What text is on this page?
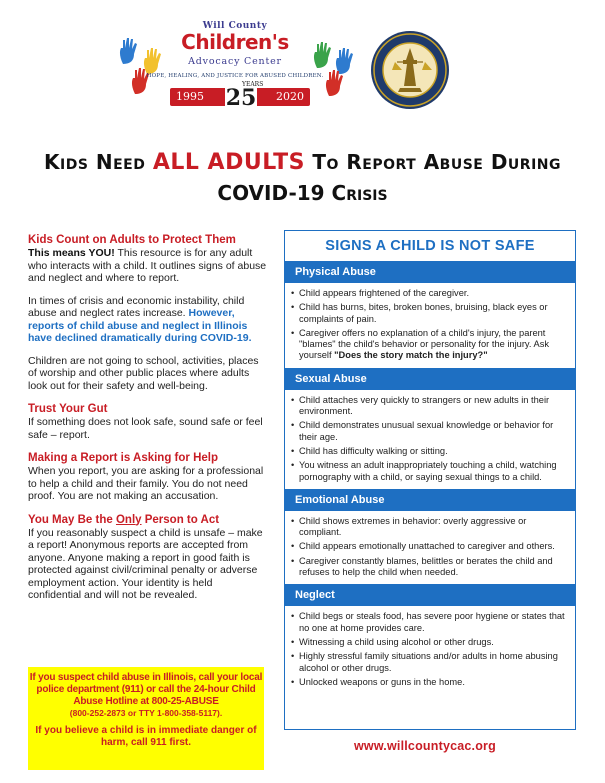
Will County
Children's
Advocacy Center
HOPE, HEALING, AND JUSTICE FOR ABUSED CHILDREN.
1995	2020
25
YEARS
Kids Need ALL ADULTS To Report Abuse During
COVID-19 Crisis
Kids Count on Adults to Protect Them

This means YOU! This resource is for any adult who interacts with a child. It outlines signs of abuse and neglect and where to report.

In times of crisis and economic instability, child abuse and neglect rates increase. However, reports of child abuse and neglect in Illinois have declined dramatically during COVID-19.

Children are not going to school, activities, places of worship and other public places where adults look out for their safety and well-being.

Trust Your Gut

If something does not look safe, sound safe or feel safe – report.

Making a Report is Asking for Help

When you report, you are asking for a professional to help a child and their family. You do not need proof. You are not making an accusation.

You May Be the Only Person to Act

If you reasonably suspect a child is unsafe – make a report! Anonymous reports are accepted from anyone. Anyone making a report in good faith is protected against civil/criminal penalty or adverse employment action. Your identity is held confidential and will not be revealed.

If you suspect child abuse in Illinois, call your local police department (911) or call the 24-hour Child Abuse Hotline at 800-25-ABUSE
(800-252-2873 or TTY 1-800-358-5117).
If you believe a child is in immediate danger of harm, call 911 first.
SIGNS A CHILD IS NOT SAFE
Physical Abuse
• Child appears frightened of the caregiver.
• Child has burns, bites, broken bones, bruising, black eyes or complaints of pain.
• Caregiver offers no explanation of a child's injury, the parent "blames" the child's behavior or personality for the injury. Ask yourself "Does the story match the injury?"
Sexual Abuse
• Child attaches very quickly to strangers or new adults in their environment.
• Child demonstrates unusual sexual knowledge or behavior for their age.
• Child has difficulty walking or sitting.
• You witness an adult inappropriately touching a child, watching pornography with a child, or saying sexual things to a child.
Emotional Abuse
• Child shows extremes in behavior: overly aggressive or compliant.
• Child appears emotionally unattached to caregiver and others.
• Caregiver constantly blames, belittles or berates the child and refuses to help the child when needed.
Neglect
• Child begs or steals food, has severe poor hygiene or states that no one at home provides care.
• Witnessing a child using alcohol or other drugs.
• Highly stressful family situations and/or adults in home abusing alcohol or other drugs.
• Unlocked weapons or guns in the home.
www.willcountycac.org
